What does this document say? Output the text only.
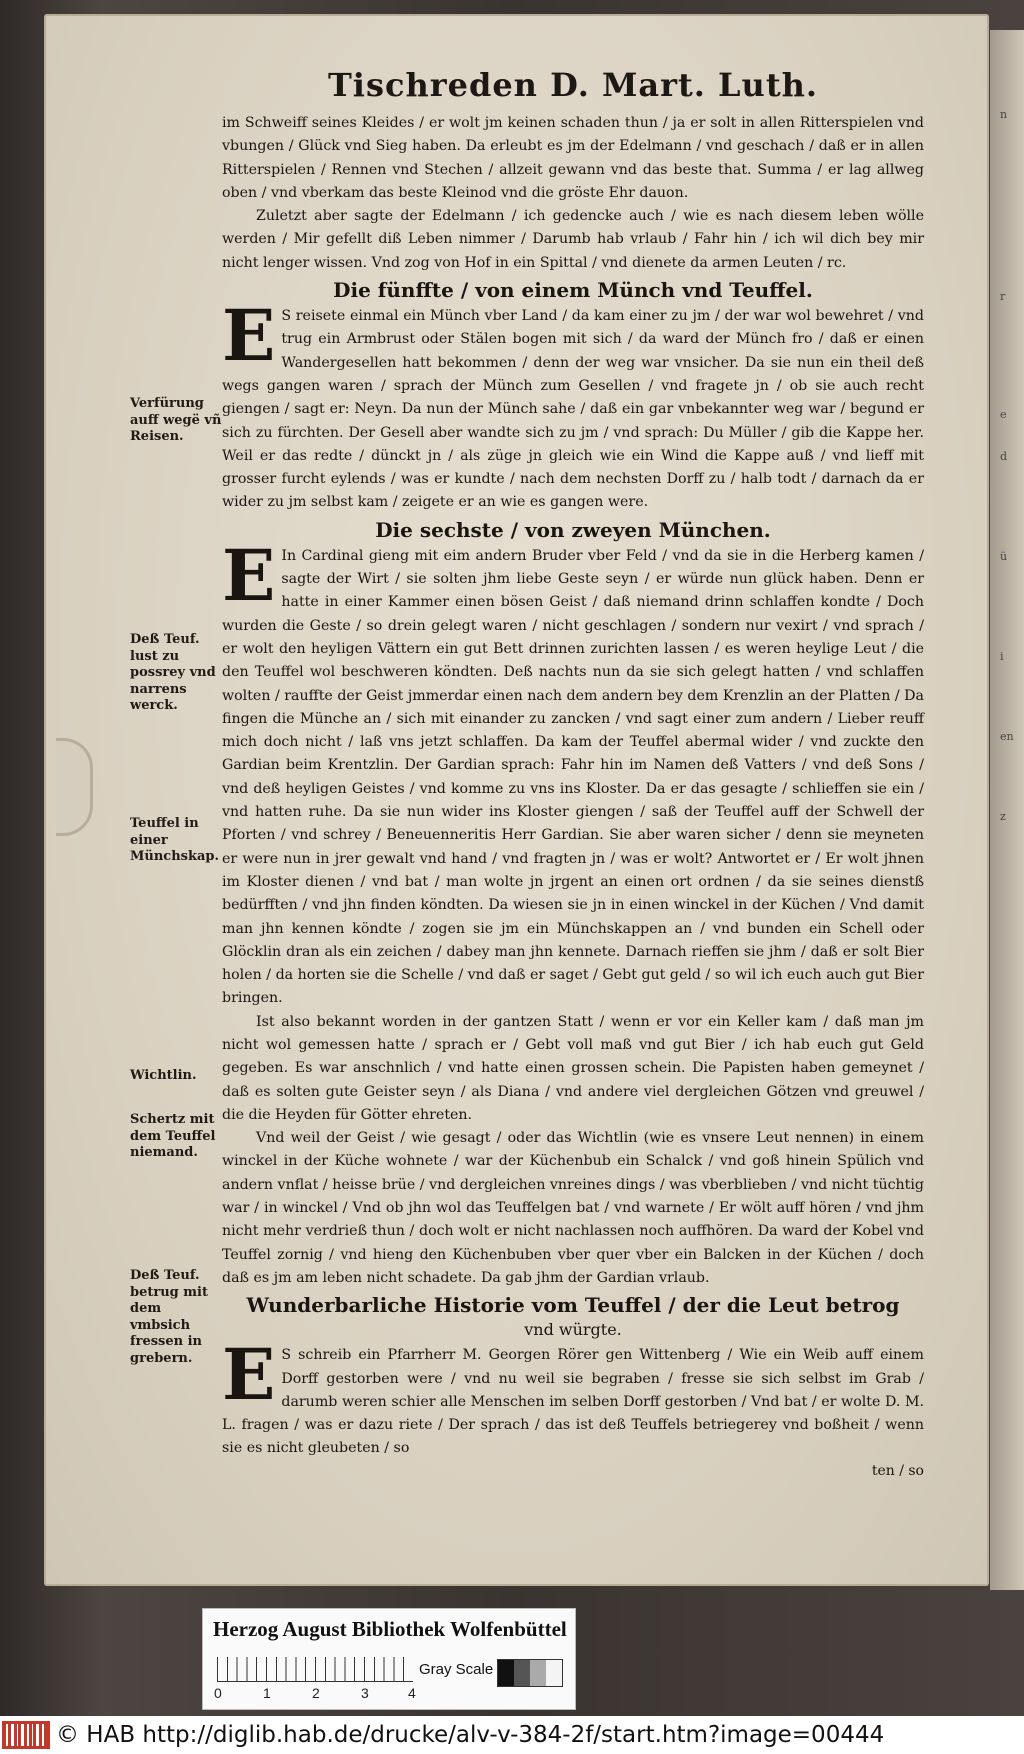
n
r
e
d
ü
i
en
z
Verfürung auff wegë vñ Reisen.
Deß Teuf. lust zu possrey vnd narrens werck.
Teuffel in einer Münchskap.
Wichtlin.
Schertz mit dem Teuffel niemand.
Deß Teuf. betrug mit dem vmbsich fressen in grebern.
Tischreden D. Mart. Luth.

im Schweiff seines Kleides / er wolt jm keinen schaden thun / ja er solt in allen Ritterspielen vnd vbungen / Glück vnd Sieg haben. Da erleubt es jm der Edelmann / vnd geschach / daß er in allen Ritterspielen / Rennen vnd Stechen / allzeit gewann vnd das beste that. Summa / er lag allweg oben / vnd vberkam das beste Kleinod vnd die gröste Ehr dauon.

Zuletzt aber sagte der Edelmann / ich gedencke auch / wie es nach diesem leben wölle werden / Mir gefellt diß Leben nimmer / Darumb hab vrlaub / Fahr hin / ich wil dich bey mir nicht lenger wissen. Vnd zog von Hof in ein Spittal / vnd dienete da armen Leuten / rc.

Die fünffte / von einem Münch vnd Teuffel.

E S reisete einmal ein Münch vber Land / da kam einer zu jm / der war wol bewehret / vnd trug ein Armbrust oder Stälen bogen mit sich / da ward der Münch fro / daß er einen Wandergesellen hatt bekommen / denn der weg war vnsicher. Da sie nun ein theil deß wegs gangen waren / sprach der Münch zum Gesellen / vnd fragete jn / ob sie auch recht giengen / sagt er: Neyn. Da nun der Münch sahe / daß ein gar vnbekannter weg war / begund er sich zu fürchten. Der Gesell aber wandte sich zu jm / vnd sprach: Du Müller / gib die Kappe her. Weil er das redte / dünckt jn / als züge jn gleich wie ein Wind die Kappe auß / vnd lieff mit grosser furcht eylends / was er kundte / nach dem nechsten Dorff zu / halb todt / darnach da er wider zu jm selbst kam / zeigete er an wie es gangen were.

Die sechste / von zweyen München.

E In Cardinal gieng mit eim andern Bruder vber Feld / vnd da sie in die Herberg kamen / sagte der Wirt / sie solten jhm liebe Geste seyn / er würde nun glück haben. Denn er hatte in einer Kammer einen bösen Geist / daß niemand drinn schlaffen kondte / Doch wurden die Geste / so drein gelegt waren / nicht geschlagen / sondern nur vexirt / vnd sprach / er wolt den heyligen Vättern ein gut Bett drinnen zurichten lassen / es weren heylige Leut / die den Teuffel wol beschweren köndten. Deß nachts nun da sie sich gelegt hatten / vnd schlaffen wolten / rauffte der Geist jmmerdar einen nach dem andern bey dem Krenzlin an der Platten / Da fingen die Münche an / sich mit einander zu zancken / vnd sagt einer zum andern / Lieber reuff mich doch nicht / laß vns jetzt schlaffen. Da kam der Teuffel abermal wider / vnd zuckte den Gardian beim Krentzlin. Der Gardian sprach: Fahr hin im Namen deß Vatters / vnd deß Sons / vnd deß heyligen Geistes / vnd komme zu vns ins Kloster. Da er das gesagte / schlieffen sie ein / vnd hatten ruhe. Da sie nun wider ins Kloster giengen / saß der Teuffel auff der Schwell der Pforten / vnd schrey / Beneuenneritis Herr Gardian. Sie aber waren sicher / denn sie meyneten er were nun in jrer gewalt vnd hand / vnd fragten jn / was er wolt? Antwortet er / Er wolt jhnen im Kloster dienen / vnd bat / man wolte jn jrgent an einen ort ordnen / da sie seines dienstß bedürfften / vnd jhn finden köndten. Da wiesen sie jn in einen winckel in der Küchen / Vnd damit man jhn kennen köndte / zogen sie jm ein Münchskappen an / vnd bunden ein Schell oder Glöcklin dran als ein zeichen / dabey man jhn kennete. Darnach rieffen sie jhm / daß er solt Bier holen / da horten sie die Schelle / vnd daß er saget / Gebt gut geld / so wil ich euch auch gut Bier bringen.

Ist also bekannt worden in der gantzen Statt / wenn er vor ein Keller kam / daß man jm nicht wol gemessen hatte / sprach er / Gebt voll maß vnd gut Bier / ich hab euch gut Geld gegeben. Es war anschnlich / vnd hatte einen grossen schein. Die Papisten haben gemeynet / daß es solten gute Geister seyn / als Diana / vnd andere viel dergleichen Götzen vnd greuwel / die die Heyden für Götter ehreten.

Vnd weil der Geist / wie gesagt / oder das Wichtlin (wie es vnsere Leut nennen) in einem winckel in der Küche wohnete / war der Küchenbub ein Schalck / vnd goß hinein Spülich vnd andern vnflat / heisse brüe / vnd dergleichen vnreines dings / was vberblieben / vnd nicht tüchtig war / in winckel / Vnd ob jhn wol das Teuffelgen bat / vnd warnete / Er wölt auff hören / vnd jhm nicht mehr verdrieß thun / doch wolt er nicht nachlassen noch auffhören. Da ward der Kobel vnd Teuffel zornig / vnd hieng den Küchenbuben vber quer vber ein Balcken in der Küchen / doch daß es jm am leben nicht schadete. Da gab jhm der Gardian vrlaub.

Wunderbarliche Historie vom Teuffel / der die Leut betrog
vnd würgte.

E S schreib ein Pfarrherr M. Georgen Rörer gen Wittenberg / Wie ein Weib auff einem Dorff gestorben were / vnd nu weil sie begraben / fresse sie sich selbst im Grab / darumb weren schier alle Menschen im selben Dorff gestorben / Vnd bat / er wolte D. M. L. fragen / was er dazu riete / Der sprach / das ist deß Teuffels betriegerey vnd boßheit / wenn sie es nicht gleubeten / so

ten / so

Herzog August Bibliothek Wolfenbüttel
0	1	2	3	4
Gray Scale
© HAB http://diglib.hab.de/drucke/alv-v-384-2f/start.htm?image=00444
